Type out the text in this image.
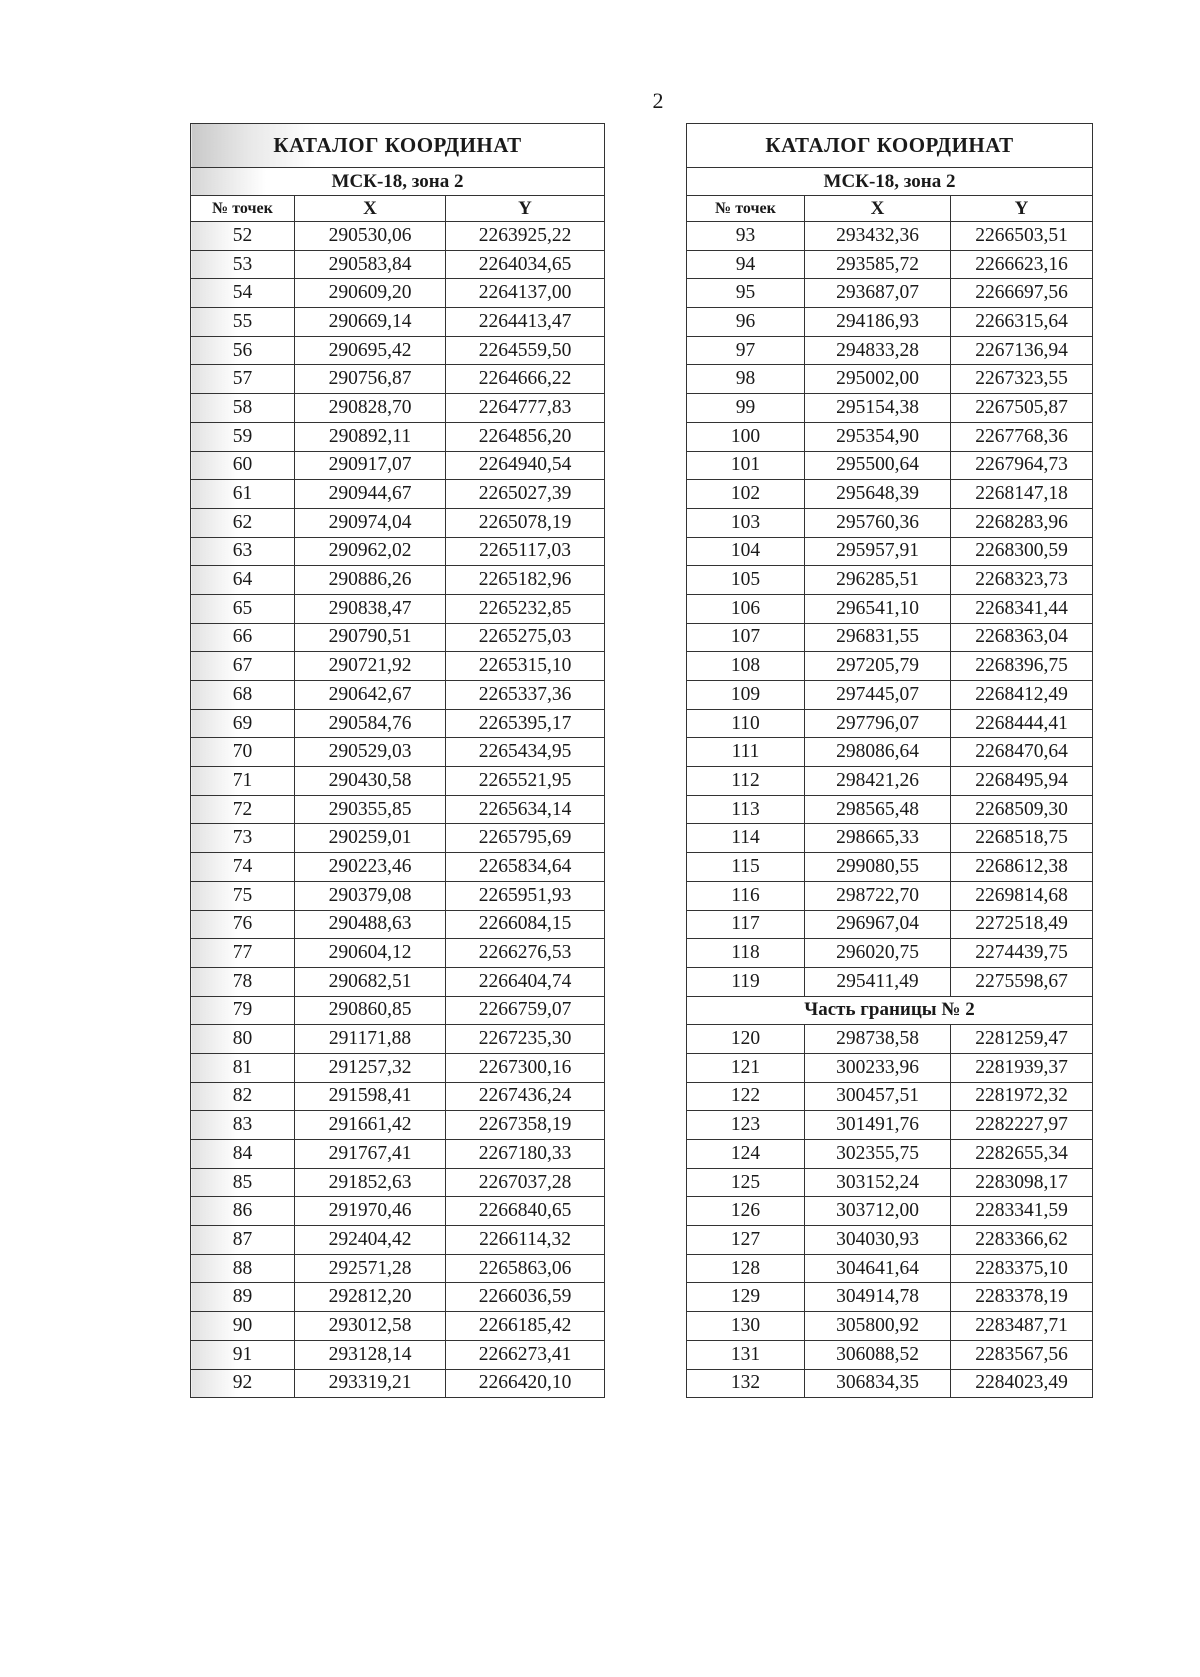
2
КАТАЛОГ КООРДИНАТ		
МСК-18, зона 2		
№ точек	X	Y
52	290530,06	2263925,22
53	290583,84	2264034,65
54	290609,20	2264137,00
55	290669,14	2264413,47
56	290695,42	2264559,50
57	290756,87	2264666,22
58	290828,70	2264777,83
59	290892,11	2264856,20
60	290917,07	2264940,54
61	290944,67	2265027,39
62	290974,04	2265078,19
63	290962,02	2265117,03
64	290886,26	2265182,96
65	290838,47	2265232,85
66	290790,51	2265275,03
67	290721,92	2265315,10
68	290642,67	2265337,36
69	290584,76	2265395,17
70	290529,03	2265434,95
71	290430,58	2265521,95
72	290355,85	2265634,14
73	290259,01	2265795,69
74	290223,46	2265834,64
75	290379,08	2265951,93
76	290488,63	2266084,15
77	290604,12	2266276,53
78	290682,51	2266404,74
79	290860,85	2266759,07
80	291171,88	2267235,30
81	291257,32	2267300,16
82	291598,41	2267436,24
83	291661,42	2267358,19
84	291767,41	2267180,33
85	291852,63	2267037,28
86	291970,46	2266840,65
87	292404,42	2266114,32
88	292571,28	2265863,06
89	292812,20	2266036,59
90	293012,58	2266185,42
91	293128,14	2266273,41
92	293319,21	2266420,10
КАТАЛОГ КООРДИНАТ		
МСК-18, зона 2		
№ точек	X	Y
93	293432,36	2266503,51
94	293585,72	2266623,16
95	293687,07	2266697,56
96	294186,93	2266315,64
97	294833,28	2267136,94
98	295002,00	2267323,55
99	295154,38	2267505,87
100	295354,90	2267768,36
101	295500,64	2267964,73
102	295648,39	2268147,18
103	295760,36	2268283,96
104	295957,91	2268300,59
105	296285,51	2268323,73
106	296541,10	2268341,44
107	296831,55	2268363,04
108	297205,79	2268396,75
109	297445,07	2268412,49
110	297796,07	2268444,41
111	298086,64	2268470,64
112	298421,26	2268495,94
113	298565,48	2268509,30
114	298665,33	2268518,75
115	299080,55	2268612,38
116	298722,70	2269814,68
117	296967,04	2272518,49
118	296020,75	2274439,75
119	295411,49	2275598,67
Часть границы № 2		
120	298738,58	2281259,47
121	300233,96	2281939,37
122	300457,51	2281972,32
123	301491,76	2282227,97
124	302355,75	2282655,34
125	303152,24	2283098,17
126	303712,00	2283341,59
127	304030,93	2283366,62
128	304641,64	2283375,10
129	304914,78	2283378,19
130	305800,92	2283487,71
131	306088,52	2283567,56
132	306834,35	2284023,49
